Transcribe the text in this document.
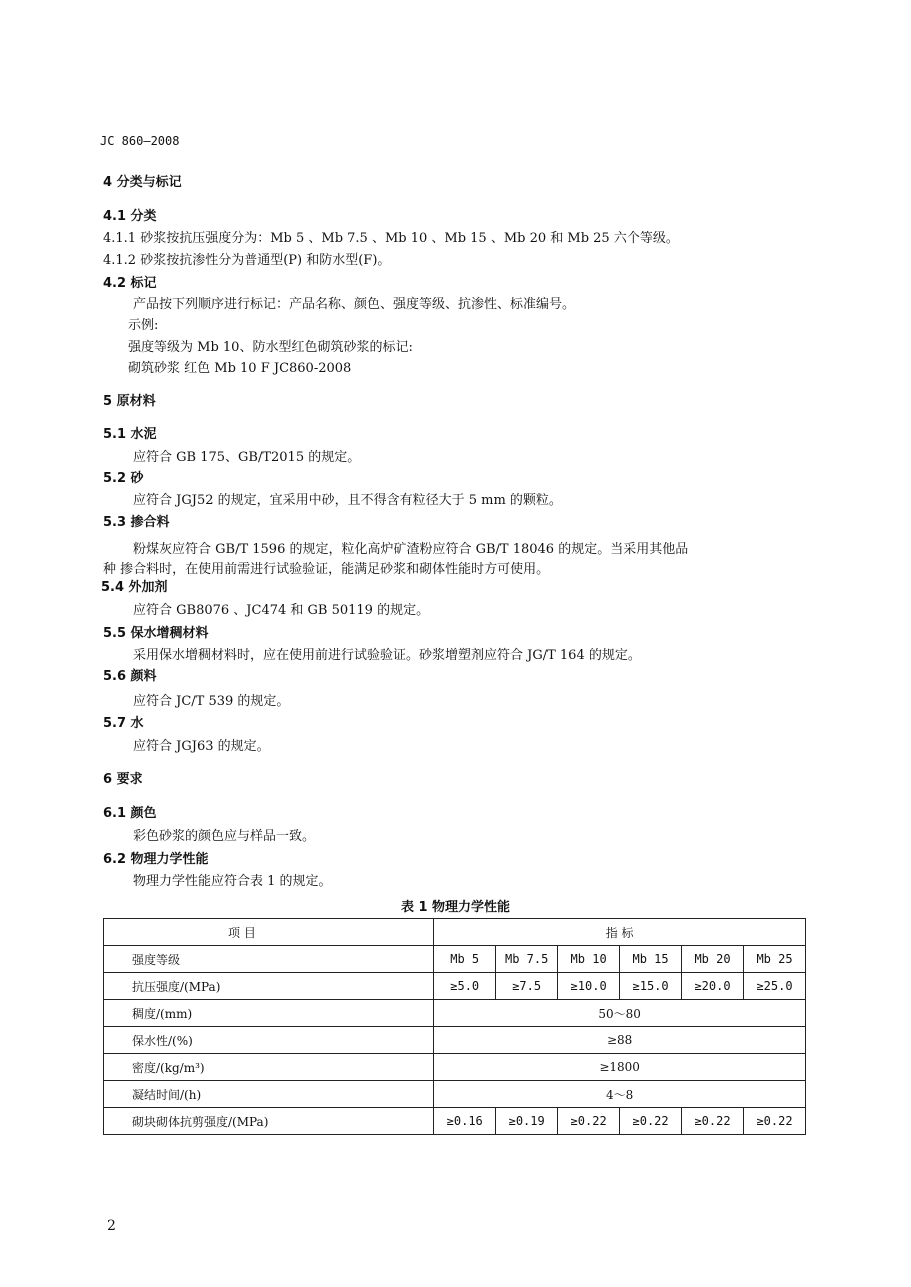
JC 860—2008
4 分类与标记
4.1 分类
4.1.1 砂浆按抗压强度分为：Mb 5 、Mb 7.5 、Mb 10 、Mb 15 、Mb 20 和 Mb 25 六个等级。
4.1.2 砂浆按抗渗性分为普通型(P) 和防水型(F)。
4.2 标记
产品按下列顺序进行标记：产品名称、颜色、强度等级、抗渗性、标准编号。
示例:
强度等级为 Mb 10、防水型红色砌筑砂浆的标记:
砌筑砂浆 红色 Mb 10 F JC860-2008
5 原材料
5.1 水泥
应符合 GB 175、GB/T2015 的规定。
5.2 砂
应符合 JGJ52 的规定，宜采用中砂，且不得含有粒径大于 5 mm 的颗粒。
5.3 掺合料
粉煤灰应符合 GB/T 1596 的规定，粒化高炉矿渣粉应符合 GB/T 18046 的规定。当采用其他品
种 掺合料时，在使用前需进行试验验证，能满足砂浆和砌体性能时方可使用。
5.4 外加剂
应符合 GB8076 、JC474 和 GB 50119 的规定。
5.5 保水增稠材料
采用保水增稠材料时，应在使用前进行试验验证。砂浆增塑剂应符合 JG/T 164 的规定。
5.6 颜料
应符合 JC/T 539 的规定。
5.7 水
应符合 JGJ63 的规定。
6 要求
6.1 颜色
彩色砂浆的颜色应与样品一致。
6.2 物理力学性能
物理力学性能应符合表 1 的规定。
表 1 物理力学性能
项 目	指 标					
强度等级	Mb 5	Mb 7.5	Mb 10	Mb 15	Mb 20	Mb 25
抗压强度/(MPa)	≥5.0	≥7.5	≥10.0	≥15.0	≥20.0	≥25.0
稠度/(mm)	50～80					
保水性/(%)	≥88					
密度/(kg/m³)	≥1800					
凝结时间/(h)	4～8					
砌块砌体抗剪强度/(MPa)	≥0.16	≥0.19	≥0.22	≥0.22	≥0.22	≥0.22
2
